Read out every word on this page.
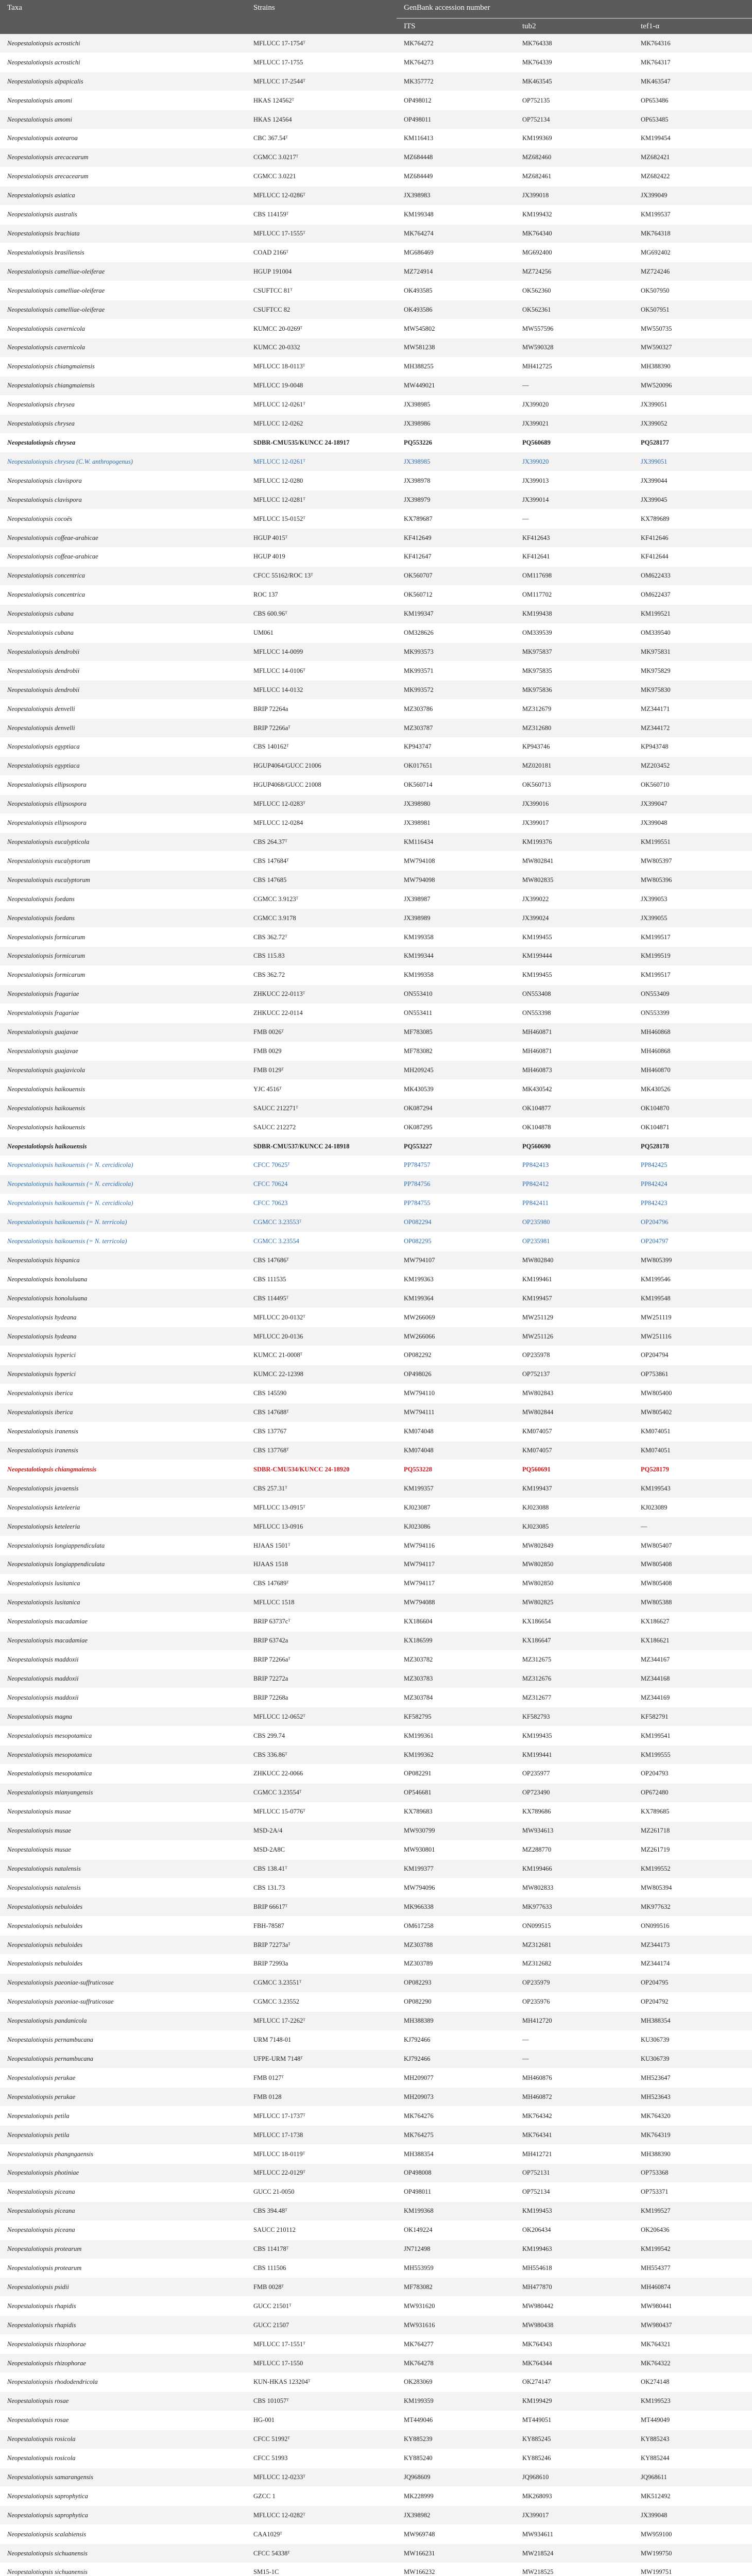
Taxa	Strains	GenBank accession number		
		ITS	tub2	tef1-α
Neopestalotiopsis acrostichi	MFLUCC 17-1754ᵀ	MK764272	MK764338	MK764316
Neopestalotiopsis acrostichi	MFLUCC 17-1755	MK764273	MK764339	MK764317
Neopestalotiopsis alpapicalis	MFLUCC 17-2544ᵀ	MK357772	MK463545	MK463547
Neopestalotiopsis amomi	HKAS 124562ᵀ	OP498012	OP752135	OP653486
Neopestalotiopsis amomi	HKAS 124564	OP498011	OP752134	OP653485
Neopestalotiopsis aotearoa	CBC 367.54ᵀ	KM116413	KM199369	KM199454
Neopestalotiopsis arecacearum	CGMCC 3.0217ᵀ	MZ684448	MZ682460	MZ682421
Neopestalotiopsis arecacearum	CGMCC 3.0221	MZ684449	MZ682461	MZ682422
Neopestalotiopsis asiatica	MFLUCC 12-0286ᵀ	JX398983	JX399018	JX399049
Neopestalotiopsis australis	CBS 114159ᵀ	KM199348	KM199432	KM199537
Neopestalotiopsis brachiata	MFLUCC 17-1555ᵀ	MK764274	MK764340	MK764318
Neopestalotiopsis brasiliensis	COAD 2166ᵀ	MG686469	MG692400	MG692402
Neopestalotiopsis camelliae-oleiferae	HGUP 191004	MZ724914	MZ724256	MZ724246
Neopestalotiopsis camelliae-oleiferae	CSUFTCC 81ᵀ	OK493585	OK562360	OK507950
Neopestalotiopsis camelliae-oleiferae	CSUFTCC 82	OK493586	OK562361	OK507951
Neopestalotiopsis cavernicola	KUMCC 20-0269ᵀ	MW545802	MW557596	MW550735
Neopestalotiopsis cavernicola	KUMCC 20-0332	MW581238	MW590328	MW590327
Neopestalotiopsis chiangmaiensis	MFLUCC 18-0113ᵀ	MH388255	MH412725	MH388390
Neopestalotiopsis chiangmaiensis	MFLUCC 19-0048	MW449021	—	MW520096
Neopestalotiopsis chrysea	MFLUCC 12-0261ᵀ	JX398985	JX399020	JX399051
Neopestalotiopsis chrysea	MFLUCC 12-0262	JX398986	JX399021	JX399052
Neopestalotiopsis chrysea	SDBR-CMU535/KUNCC 24-18917	PQ553226	PQ560689	PQ528177
Neopestalotiopsis chrysea (C.W. anthropogenus)	MFLUCC 12-0261ᵀ	JX398985	JX399020	JX399051
Neopestalotiopsis clavispora	MFLUCC 12-0280	JX398978	JX399013	JX399044
Neopestalotiopsis clavispora	MFLUCC 12-0281ᵀ	JX398979	JX399014	JX399045
Neopestalotiopsis cocoës	MFLUCC 15-0152ᵀ	KX789687	—	KX789689
Neopestalotiopsis coffeae-arabicae	HGUP 4015ᵀ	KF412649	KF412643	KF412646
Neopestalotiopsis coffeae-arabicae	HGUP 4019	KF412647	KF412641	KF412644
Neopestalotiopsis concentrica	CFCC 55162/ROC 13ᵀ	OK560707	OM117698	OM622433
Neopestalotiopsis concentrica	ROC 137	OK560712	OM117702	OM622437
Neopestalotiopsis cubana	CBS 600.96ᵀ	KM199347	KM199438	KM199521
Neopestalotiopsis cubana	UM061	OM328626	OM339539	OM339540
Neopestalotiopsis dendrobii	MFLUCC 14-0099	MK993573	MK975837	MK975831
Neopestalotiopsis dendrobii	MFLUCC 14-0106ᵀ	MK993571	MK975835	MK975829
Neopestalotiopsis dendrobii	MFLUCC 14-0132	MK993572	MK975836	MK975830
Neopestalotiopsis denvelli	BRIP 72264a	MZ303786	MZ312679	MZ344171
Neopestalotiopsis denvelli	BRIP 72266aᵀ	MZ303787	MZ312680	MZ344172
Neopestalotiopsis egyptiaca	CBS 140162ᵀ	KP943747	KP943746	KP943748
Neopestalotiopsis egyptiaca	HGUP4064/GUCC 21006	OK017651	MZ020181	MZ203452
Neopestalotiopsis ellipsospora	HGUP4068/GUCC 21008	OK560714	OK560713	OK560710
Neopestalotiopsis ellipsospora	MFLUCC 12-0283ᵀ	JX398980	JX399016	JX399047
Neopestalotiopsis ellipsospora	MFLUCC 12-0284	JX398981	JX399017	JX399048
Neopestalotiopsis eucalypticola	CBS 264.37ᵀ	KM116434	KM199376	KM199551
Neopestalotiopsis eucalyptorum	CBS 147684ᵀ	MW794108	MW802841	MW805397
Neopestalotiopsis eucalyptorum	CBS 147685	MW794098	MW802835	MW805396
Neopestalotiopsis foedans	CGMCC 3.9123ᵀ	JX398987	JX399022	JX399053
Neopestalotiopsis foedans	CGMCC 3.9178	JX398989	JX399024	JX399055
Neopestalotiopsis formicarum	CBS 362.72ᵀ	KM199358	KM199455	KM199517
Neopestalotiopsis formicarum	CBS 115.83	KM199344	KM199444	KM199519
Neopestalotiopsis formicarum	CBS 362.72	KM199358	KM199455	KM199517
Neopestalotiopsis fragariae	ZHKUCC 22-0113ᵀ	ON553410	ON553408	ON553409
Neopestalotiopsis fragariae	ZHKUCC 22-0114	ON553411	ON553398	ON553399
Neopestalotiopsis guajavae	FMB 0026ᵀ	MF783085	MH460871	MH460868
Neopestalotiopsis guajavae	FMB 0029	MF783082	MH460871	MH460868
Neopestalotiopsis guajavicola	FMB 0129ᵀ	MH209245	MH460873	MH460870
Neopestalotiopsis haikouensis	YJC 4516ᵀ	MK430539	MK430542	MK430526
Neopestalotiopsis haikouensis	SAUCC 212271ᵀ	OK087294	OK104877	OK104870
Neopestalotiopsis haikouensis	SAUCC 212272	OK087295	OK104878	OK104871
Neopestalotiopsis haikouensis	SDBR-CMU537/KUNCC 24-18918	PQ553227	PQ560690	PQ528178
Neopestalotiopsis haikouensis (= N. cercidicola)	CFCC 70625ᵀ	PP784757	PP842413	PP842425
Neopestalotiopsis haikouensis (= N. cercidicola)	CFCC 70624	PP784756	PP842412	PP842424
Neopestalotiopsis haikouensis (= N. cercidicola)	CFCC 70623	PP784755	PP842411	PP842423
Neopestalotiopsis haikouensis (= N. terricola)	CGMCC 3.23553ᵀ	OP082294	OP235980	OP204796
Neopestalotiopsis haikouensis (= N. terricola)	CGMCC 3.23554	OP082295	OP235981	OP204797
Neopestalotiopsis hispanica	CBS 147686ᵀ	MW794107	MW802840	MW805399
Neopestalotiopsis honoluluana	CBS 111535	KM199363	KM199461	KM199546
Neopestalotiopsis honoluluana	CBS 114495ᵀ	KM199364	KM199457	KM199548
Neopestalotiopsis hydeana	MFLUCC 20-0132ᵀ	MW266069	MW251129	MW251119
Neopestalotiopsis hydeana	MFLUCC 20-0136	MW266066	MW251126	MW251116
Neopestalotiopsis hyperici	KUMCC 21-0008ᵀ	OP082292	OP235978	OP204794
Neopestalotiopsis hyperici	KUMCC 22-12398	OP498026	OP752137	OP753861
Neopestalotiopsis iberica	CBS 145590	MW794110	MW802843	MW805400
Neopestalotiopsis iberica	CBS 147688ᵀ	MW794111	MW802844	MW805402
Neopestalotiopsis iranensis	CBS 137767	KM074048	KM074057	KM074051
Neopestalotiopsis iranensis	CBS 137768ᵀ	KM074048	KM074057	KM074051
Neopestalotiopsis chiangmaiensis	SDBR-CMU534/KUNCC 24-18920	PQ553228	PQ560691	PQ528179
Neopestalotiopsis javaensis	CBS 257.31ᵀ	KM199357	KM199437	KM199543
Neopestalotiopsis keteleeria	MFLUCC 13-0915ᵀ	KJ023087	KJ023088	KJ023089
Neopestalotiopsis keteleeria	MFLUCC 13-0916	KJ023086	KJ023085	—
Neopestalotiopsis longiappendiculata	HJAAS 1501ᵀ	MW794116	MW802849	MW805407
Neopestalotiopsis longiappendiculata	HJAAS 1518	MW794117	MW802850	MW805408
Neopestalotiopsis lusitanica	CBS 147689ᵀ	MW794117	MW802850	MW805408
Neopestalotiopsis lusitanica	MFLUCC 1518	MW794088	MW802825	MW805388
Neopestalotiopsis macadamiae	BRIP 63737cᵀ	KX186604	KX186654	KX186627
Neopestalotiopsis macadamiae	BRIP 63742a	KX186599	KX186647	KX186621
Neopestalotiopsis maddoxii	BRIP 72266aᵀ	MZ303782	MZ312675	MZ344167
Neopestalotiopsis maddoxii	BRIP 72272a	MZ303783	MZ312676	MZ344168
Neopestalotiopsis maddoxii	BRIP 72268a	MZ303784	MZ312677	MZ344169
Neopestalotiopsis magna	MFLUCC 12-0652ᵀ	KF582795	KF582793	KF582791
Neopestalotiopsis mesopotamica	CBS 299.74	KM199361	KM199435	KM199541
Neopestalotiopsis mesopotamica	CBS 336.86ᵀ	KM199362	KM199441	KM199555
Neopestalotiopsis mesopotamica	ZHKUCC 22-0066	OP082291	OP235977	OP204793
Neopestalotiopsis mianyangensis	CGMCC 3.23554ᵀ	OP546681	OP723490	OP672480
Neopestalotiopsis musae	MFLUCC 15-0776ᵀ	KX789683	KX789686	KX789685
Neopestalotiopsis musae	MSD-2A/4	MW930799	MW934613	MZ261718
Neopestalotiopsis musae	MSD-2A8C	MW930801	MZ288770	MZ261719
Neopestalotiopsis natalensis	CBS 138.41ᵀ	KM199377	KM199466	KM199552
Neopestalotiopsis natalensis	CBS 131.73	MW794096	MW802833	MW805394
Neopestalotiopsis nebuloides	BRIP 66617ᵀ	MK966338	MK977633	MK977632
Neopestalotiopsis nebuloides	FBH-78587	OM617258	ON099515	ON099516
Neopestalotiopsis nebuloides	BRIP 72273aᵀ	MZ303788	MZ312681	MZ344173
Neopestalotiopsis nebuloides	BRIP 72993a	MZ303789	MZ312682	MZ344174
Neopestalotiopsis paeoniae-suffruticosae	CGMCC 3.23551ᵀ	OP082293	OP235979	OP204795
Neopestalotiopsis paeoniae-suffruticosae	CGMCC 3.23552	OP082290	OP235976	OP204792
Neopestalotiopsis pandanicola	MFLUCC 17-2262ᵀ	MH388389	MH412720	MH388354
Neopestalotiopsis pernambucana	URM 7148-01	KJ792466	—	KU306739
Neopestalotiopsis pernambucana	UFPE-URM 7148ᵀ	KJ792466	—	KU306739
Neopestalotiopsis perukae	FMB 0127ᵀ	MH209077	MH460876	MH523647
Neopestalotiopsis perukae	FMB 0128	MH209073	MH460872	MH523643
Neopestalotiopsis petila	MFLUCC 17-1737ᵀ	MK764276	MK764342	MK764320
Neopestalotiopsis petila	MFLUCC 17-1738	MK764275	MK764341	MK764319
Neopestalotiopsis phangngaensis	MFLUCC 18-0119ᵀ	MH388354	MH412721	MH388390
Neopestalotiopsis photiniae	MFLUCC 22-0129ᵀ	OP498008	OP752131	OP753368
Neopestalotiopsis piceana	GUCC 21-0050	OP498011	OP752134	OP753371
Neopestalotiopsis piceana	CBS 394.48ᵀ	KM199368	KM199453	KM199527
Neopestalotiopsis piceana	SAUCC 210112	OK149224	OK206434	OK206436
Neopestalotiopsis protearum	CBS 114178ᵀ	JN712498	KM199463	KM199542
Neopestalotiopsis protearum	CBS 111506	MH553959	MH554618	MH554377
Neopestalotiopsis psidii	FMB 0028ᵀ	MF783082	MH477870	MH460874
Neopestalotiopsis rhapidis	GUCC 21501ᵀ	MW931620	MW980442	MW980441
Neopestalotiopsis rhapidis	GUCC 21507	MW931616	MW980438	MW980437
Neopestalotiopsis rhizophorae	MFLUCC 17-1551ᵀ	MK764277	MK764343	MK764321
Neopestalotiopsis rhizophorae	MFLUCC 17-1550	MK764278	MK764344	MK764322
Neopestalotiopsis rhododendricola	KUN-HKAS 123204ᵀ	OK283069	OK274147	OK274148
Neopestalotiopsis rosae	CBS 101057ᵀ	KM199359	KM199429	KM199523
Neopestalotiopsis rosae	HG-001	MT449046	MT449051	MT449049
Neopestalotiopsis rosicola	CFCC 51992ᵀ	KY885239	KY885245	KY885243
Neopestalotiopsis rosicola	CFCC 51993	KY885240	KY885246	KY885244
Neopestalotiopsis samarangensis	MFLUCC 12-0233ᵀ	JQ968609	JQ968610	JQ968611
Neopestalotiopsis saprophytica	GZCC 1	MK228999	MK268093	MK512492
Neopestalotiopsis saprophytica	MFLUCC 12-0282ᵀ	JX398982	JX399017	JX399048
Neopestalotiopsis scalabiensis	CAA1029ᵀ	MW969748	MW934611	MW959100
Neopestalotiopsis sichuanensis	CFCC 54338ᵀ	MW166231	MW218524	MW199750
Neopestalotiopsis sichuanensis	SM15-1C	MW166232	MW218525	MW199751
